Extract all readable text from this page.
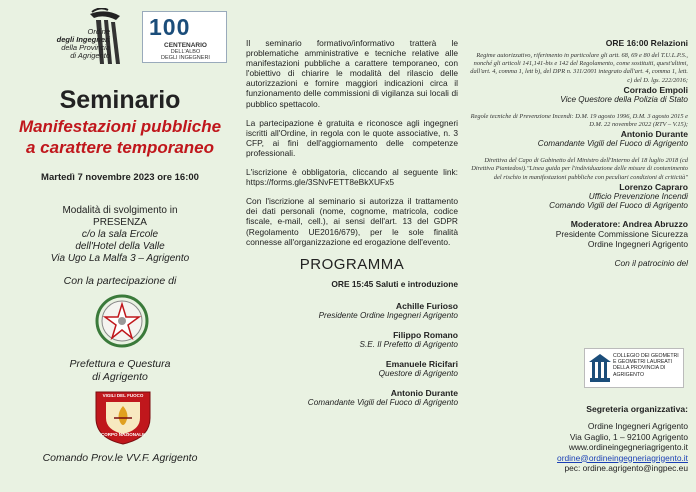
Ordine
degli Ingegneri
della Provincia
di Agrigento
100
CENTENARIO
DELL'ALBO
DEGLI INGEGNERI
Seminario
Manifestazioni pubbliche
a carattere temporaneo
Martedì 7 novembre 2023 ore 16:00
Modalità di svolgimento in
PRESENZA
c/o la sala Ercole
dell'Hotel della Valle
Via Ugo La Malfa 3 – Agrigento
Con la partecipazione di
Prefettura e Questura
di Agrigento
VIGILI DEL FUOCO
CORPO NAZIONALE
Comando Prov.le VV.F. Agrigento

Il seminario formativo/informativo tratterà le problematiche amministrative e tecniche relative alle manifestazioni pubbliche a carattere temporaneo, con l'obiettivo di chiarire le modalità del rilascio delle autorizzazioni e fornire maggiori indicazioni circa il funzionamento delle commissioni di vigilanza sui locali di pubblico spettacolo.

La partecipazione è gratuita e riconosce agli ingegneri iscritti all'Ordine, in regola con le quote associative, n. 3 CFP, ai fini dell'aggiornamento delle competenze professionali.

L'iscrizione è obbligatoria, cliccando al seguente link: https://forms.gle/3SNvFETT8eBkXUFx5

Con l'iscrizione al seminario si autorizza il trattamento dei dati personali (nome, cognome, matricola, codice fiscale, e-mail, cell.), ai sensi dell'art. 13 del GDPR (Regolamento UE2016/679), per le sole finalità connesse all'organizzazione ed erogazione dell'evento.

PROGRAMMA
ORE 15:45 Saluti e introduzione
Achille Furioso
Presidente Ordine Ingegneri Agrigento
Filippo Romano
S.E. Il Prefetto di Agrigento
Emanuele Ricifari
Questore di Agrigento
Antonio Durante
Comandante Vigili del Fuoco di Agrigento
ORE 16:00 Relazioni
Regime autorizzativo, riferimento in particolare gli artt. 68, 69 e 80 del T.U.L.P.S., nonché gli articoli 141,141-bis e 142 del Regolamento, come sostituiti, quest'ultimi, dall'art. 4, comma 1, lett b), del DPR n. 311/2001 integrato dall'art. 4, comma 1, lett. c) del D. lgs. 222/2016;
Corrado Empoli
Vice Questore della Polizia di Stato
Regole tecniche di Prevenzione Incendi: D.M. 19 agosto 1996, D.M. 3 agosto 2015 e D.M. 22 novembre 2022 (RTV – V.15);
Antonio Durante
Comandante Vigili del Fuoco di Agrigento
Direttiva del Capo di Gabinetto del Ministro dell'Interno del 18 luglio 2018 (cd Direttiva Piantedosi)."Linea guida per l'individuazione delle misure di contenimento del rischio in manifestazioni pubbliche con peculiari condizioni di criticità"
Lorenzo Capraro
Ufficio Prevenzione Incendi
Comando Vigili del Fuoco di Agrigento
Moderatore: Andrea Abruzzo
Presidente Commissione Sicurezza
Ordine Ingegneri Agrigento
Con il patrocinio del
COLLEGIO DEI GEOMETRI E GEOMETRI LAUREATI DELLA PROVINCIA DI AGRIGENTO
Segreteria organizzativa:
Ordine Ingegneri Agrigento
Via Gaglio, 1 – 92100 Agrigento
www.ordineingegneriagrigento.it
ordine@ordineingegneriagrigento.it
pec: ordine.agrigento@ingpec.eu
